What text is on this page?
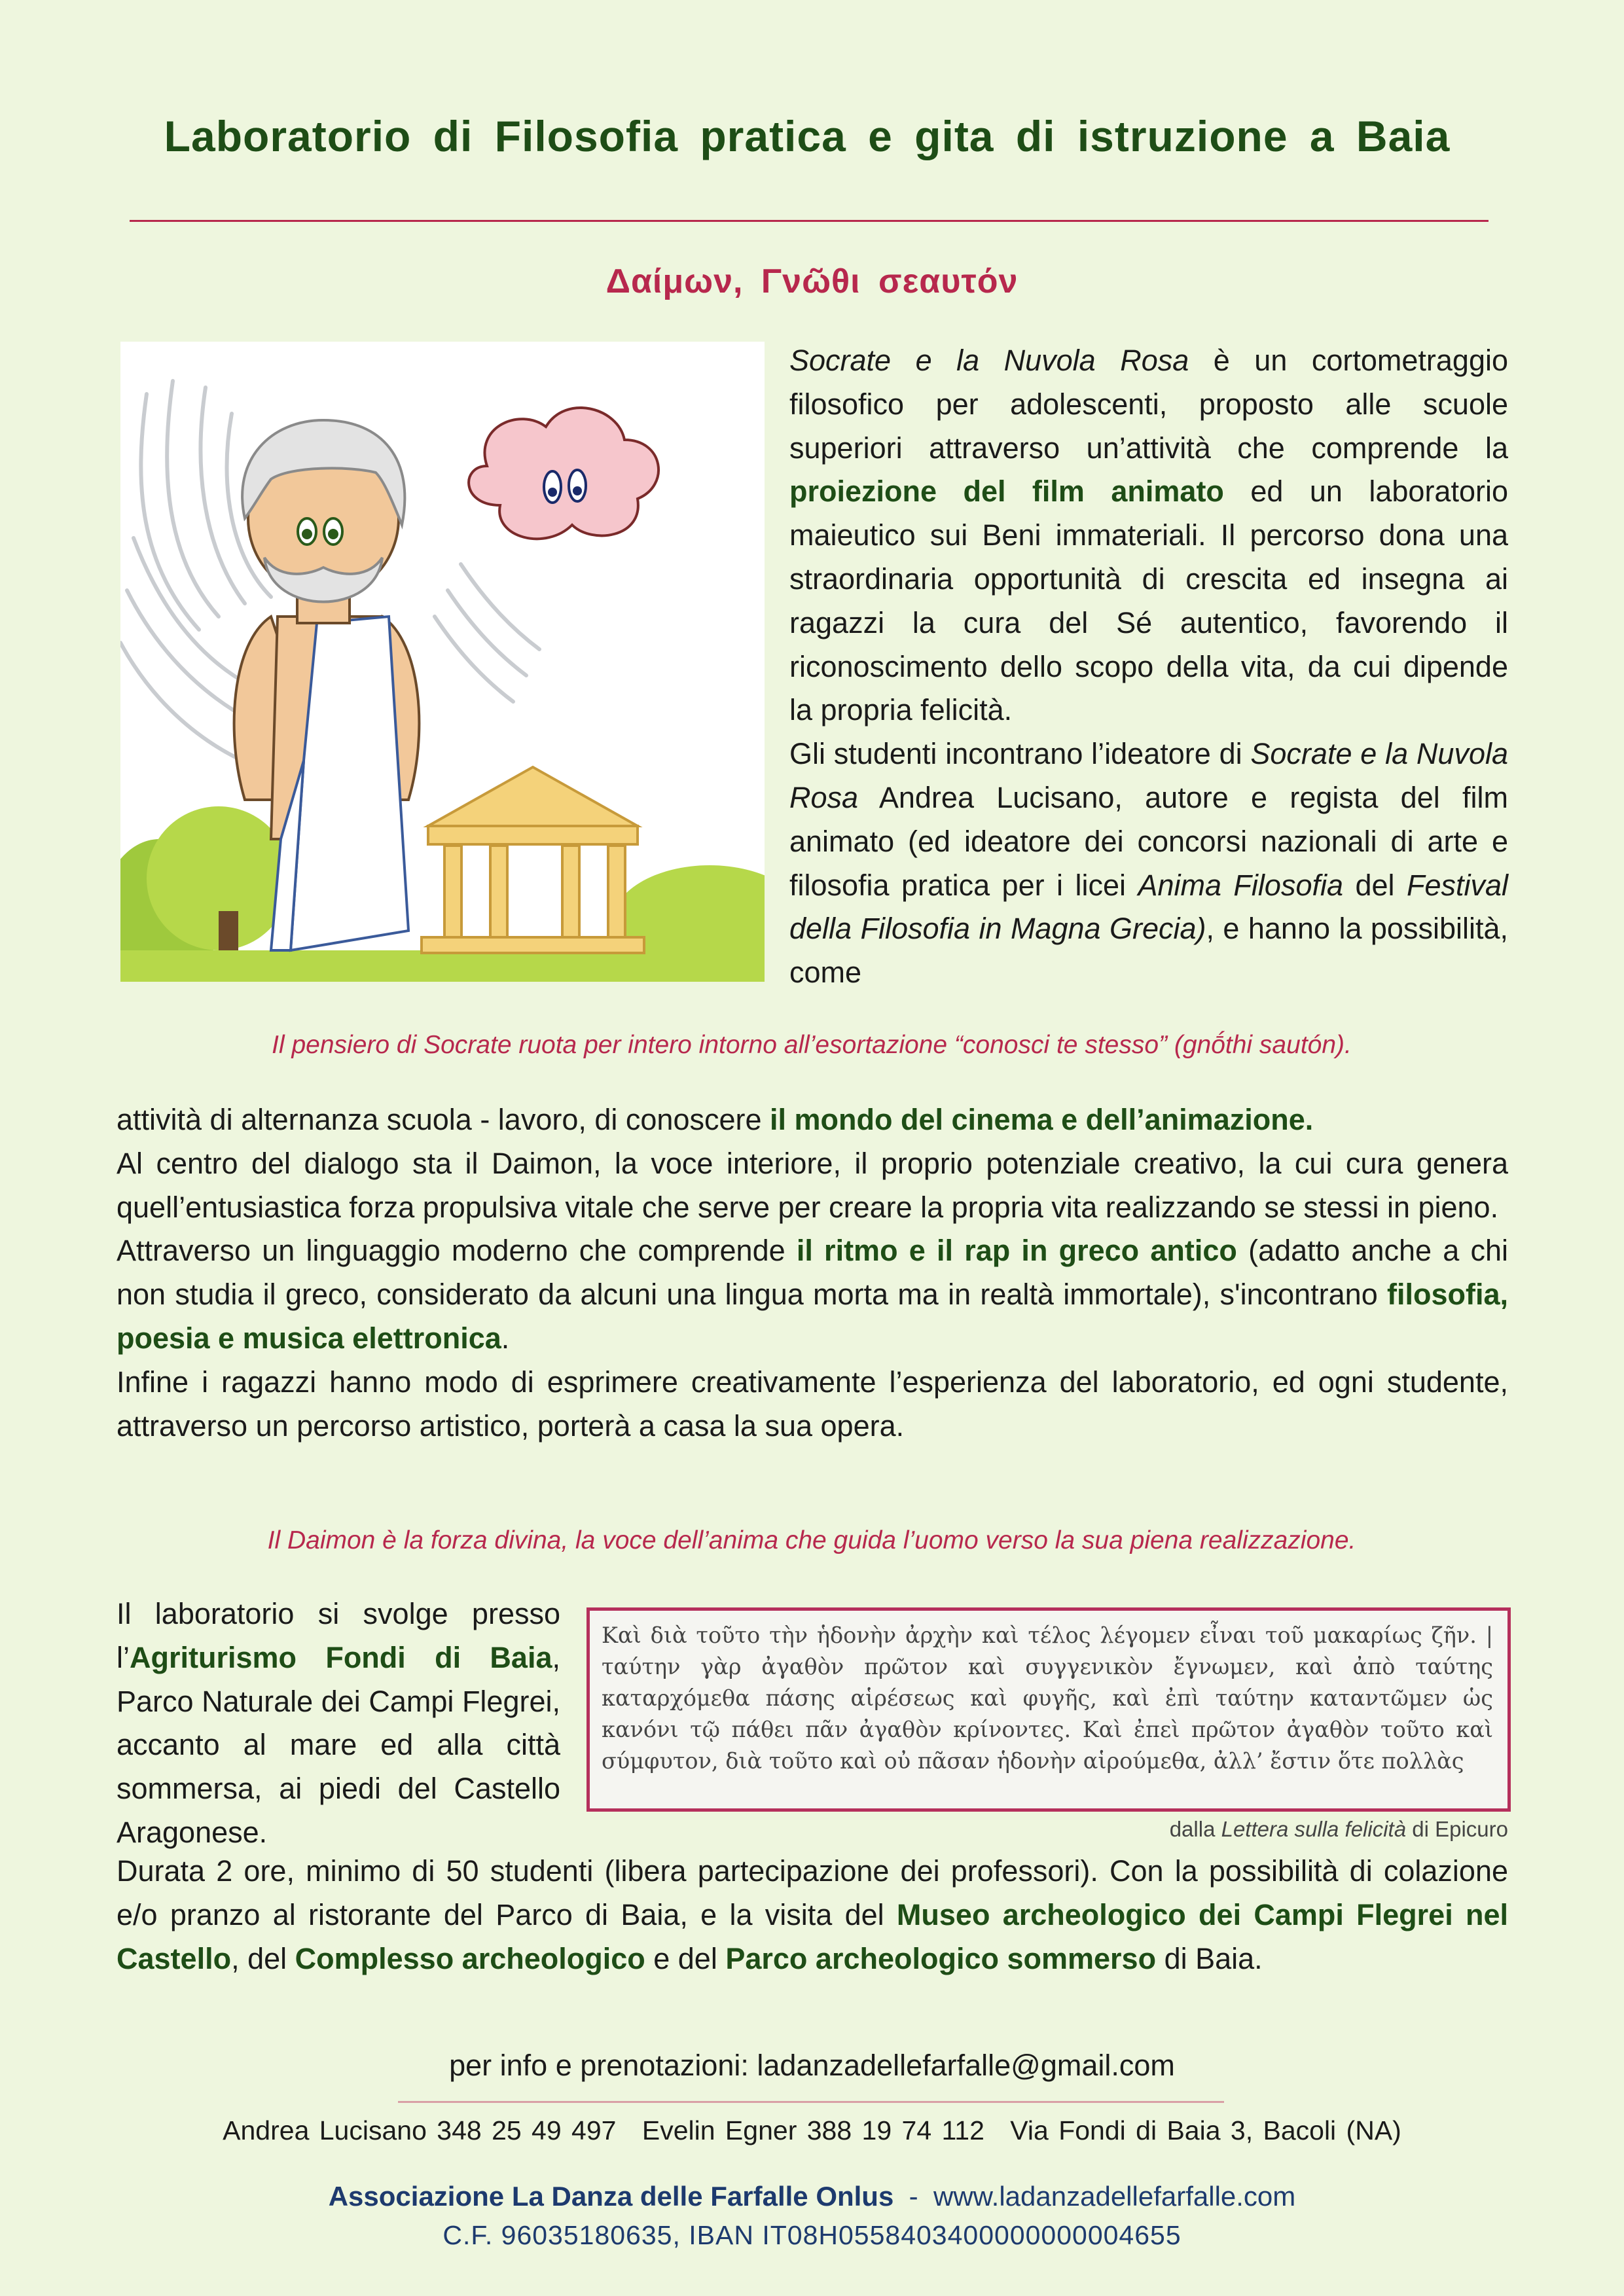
Laboratorio di Filosofia pratica e gita di istruzione a Baia
Δαίμων, Γνῶθι σεαυτόν
Socrate e la Nuvola Rosa è un cortometraggio filosofico per adolescenti, proposto alle scuole superiori attraverso un’attività che comprende la proiezione del film animato ed un laboratorio maieutico sui Beni immateriali. Il percorso dona una straordinaria opportunità di crescita ed insegna ai ragazzi la cura del Sé autentico, favorendo il riconoscimento dello scopo della vita, da cui dipende la propria felicità.
Gli studenti incontrano l’ideatore di Socrate e la Nuvola Rosa Andrea Lucisano, autore e regista del film animato (ed ideatore dei concorsi nazionali di arte e filosofia pratica per i licei Anima Filosofia del Festival della Filosofia in Magna Grecia), e hanno la possibilità, come
Il pensiero di Socrate ruota per intero intorno all’esortazione “conosci te stesso” (gnṓthi sautón).
attività di alternanza scuola - lavoro, di conoscere il mondo del cinema e dell’animazione.
Al centro del dialogo sta il Daimon, la voce interiore, il proprio potenziale creativo, la cui cura genera quell’entusiastica forza propulsiva vitale che serve per creare la propria vita realizzando se stessi in pieno.
Attraverso un linguaggio moderno che comprende il ritmo e il rap in greco antico (adatto anche a chi non studia il greco, considerato da alcuni una lingua morta ma in realtà immortale), s'incontrano filosofia, poesia e musica elettronica.
Infine i ragazzi hanno modo di esprimere creativamente l’esperienza del laboratorio, ed ogni studente, attraverso un percorso artistico, porterà a casa la sua opera.
Il Daimon è la forza divina, la voce dell’anima che guida l’uomo verso la sua piena realizzazione.
Il laboratorio si svolge presso l’Agriturismo Fondi di Baia, Parco Naturale dei Campi Flegrei, accanto al mare ed alla città sommersa, ai piedi del Castello Aragonese.
Καὶ διὰ τοῦτο τὴν ἡδονὴν ἀρχὴν καὶ τέλος λέγομεν εἶναι τοῦ μακαρίως ζῆν. | ταύτην γὰρ ἀγαθὸν πρῶτον καὶ συγγενικὸν ἔγνωμεν, καὶ ἀπὸ ταύτης καταρχόμεθα πάσης αἱρέσεως καὶ φυγῆς, καὶ ἐπὶ ταύτην καταντῶμεν ὡς κανόνι τῷ πάθει πᾶν ἀγαθὸν κρίνοντες. Καὶ ἐπεὶ πρῶτον ἀγαθὸν τοῦτο καὶ σύμφυτον, διὰ τοῦτο καὶ οὐ πᾶσαν ἡδονὴν αἱρούμεθα, ἀλλ’ ἔστιν ὅτε πολλὰς
dalla Lettera sulla felicità di Epicuro
Durata 2 ore, minimo di 50 studenti (libera partecipazione dei professori). Con la possibilità di colazione e/o pranzo al ristorante del Parco di Baia, e la visita del Museo archeologico dei Campi Flegrei nel Castello, del Complesso archeologico e del Parco archeologico sommerso di Baia.
per info e prenotazioni: ladanzadellefarfalle@gmail.com
Andrea Lucisano 348 25 49 497 Evelin Egner 388 19 74 112 Via Fondi di Baia 3, Bacoli (NA)
Associazione La Danza delle Farfalle Onlus  -  www.ladanzadellefarfalle.com
C.F. 96035180635, IBAN IT08H0558403400000000004655
